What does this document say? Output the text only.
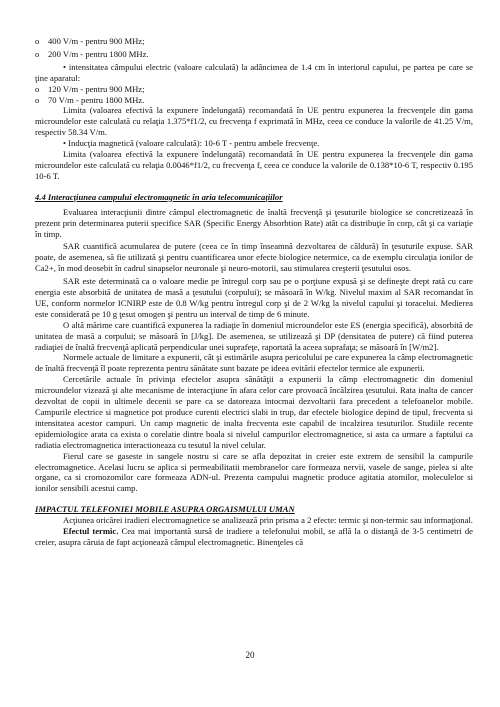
o 400 V/m - pentru 900 MHz;
o 200 V/m - pentru 1800 MHz.

• intensitatea câmpului electric (valoare calculată) la adâncimea de 1.4 cm în interiorul capului, pe partea pe care se ţine aparatul:

o 120 V/m - pentru 900 MHz;
o 70 V/m - pentru 1800 MHz.

Limita (valoarea efectivă la expunere îndelungată) recomandată în UE pentru expunerea la frecvenţele din gama microundelor este calculată cu relaţia 1.375*f1/2, cu frecvenţa f exprimată în MHz, ceea ce conduce la valorile de 41.25 V/m, respectiv 58.34 V/m.

• Inducţia magnetică (valoare calculată): 10-6 T - pentru ambele frecvenţe.

Limita (valoarea efectivă la expunere îndelungată) recomandată în UE pentru expunerea la frecvenţele din gama microundelor este calculată cu relaţia 0.0046*f1/2, cu frecvenţa f, ceea ce conduce la valorile de 0.138*10-6 T, respectiv 0.195 10-6 T.

4.4 Interacţiunea campului electromagnetic în aria telecomunicaţiilor

Evaluarea interacţiunii dintre câmpul electromagnetic de înaltă frecvenţă şi ţesuturile biologice se concretizează în prezent prin determinarea puterii specifice SAR (Specific Energy Absorbtion Rate) atât ca distribuţie în corp, cât şi ca variaţie în timp.

SAR cuantifică acumularea de putere (ceea ce în timp înseamnă dezvoltarea de căldură) în ţesuturile expuse. SAR poate, de asemenea, să fie utilizată şi pentru cuantificarea unor efecte biologice netermice, ca de exemplu circulaţia ionilor de Ca2+, în mod deosebit în cadrul sinapselor neuronale şi neuro-motorii, sau stimularea creşterii ţesutului osos.

SAR este determinată ca o valoare medie pe întregul corp sau pe o porţiune expusă şi se defineşte drept rată cu care energia este absorbită de unitatea de masă a ţesutului (corpului); se măsoară în W/kg. Nivelul maxim al SAR recomandat în UE, conform normelor ICNIRP este de 0.8 W/kg pentru întregul corp şi de 2 W/kg la nivelul capului şi toracelui. Medierea este considerată pe 10 g ţesut omogen şi pentru un interval de timp de 6 minute.

O altă mărime care cuantifică expunerea la radiaţie în domeniul microundelor este ES (energia specifică), absorbită de unitatea de masă a corpului; se măsoară în [J/kg]. De asemenea, se utilizează şi DP (densitatea de putere) că fiind puterea radiaţiei de înaltă frecvenţă aplicată perpendicular unei suprafeţe, raportată la aceea suprafaţa; se măsoară în [W/m2].

Normele actuale de limitare a expunerii, cât şi estimările asupra pericolului pe care expunerea la câmp electromagnetic de înaltă frecvenţă îl poate reprezenta pentru sănătate sunt bazate pe ideea evitării efectelor termice ale expunerii.

Cercetările actuale în privinţa efectelor asupra sănătăţii a expunerii la câmp electromagnetic din domeniul microundelor vizează şi alte mecanisme de interacţiune în afara celor care provoacă încălzirea ţesutului. Rata inalta de cancer dezvoltat de copii in ultimele decenii se pare ca se datoreaza intocmai dezvoltarii fara precedent a telefoanelor mobile. Campurile electrice si magnetice pot produce curenti electrici slabi in trup, dar efectele biologice depind de tipul, frecventa si intensitatea acestor campuri. Un camp magnetic de inalta frecventa este capabil de incalzirea tesuturilor. Studiile recente epidemiologice arata ca exista o corelatie dintre boala si nivelul campurilor electromagnetice, si asta ca urmare a faptului ca radiatia electromagnetica interactioneaza cu tesutul la nivel celular.

Fierul care se gaseste in sangele nostru si care se afla depozitat in creier este extrem de sensibil la campurile electromagnetice. Acelasi lucru se aplica si permeabilitatii membranelor care formeaza nervii, vasele de sange, pielea si alte organe, ca si cromozomilor care formeaza ADN-ul. Prezenta campului magnetic produce agitatia atomilor, moleculelor si ionilor sensibili acestui camp.

IMPACTUL TELEFONIEI MOBILE ASUPRA ORGAISMULUI UMAN

Acţiunea oricărei iradieri electromagnetice se analizează prin prisma a 2 efecte: termic şi non-termic sau informaţional.

Efectul termic. Cea mai importantă sursă de iradiere a telefonului mobil, se află la o distanţă de 3-5 centimetri de creier, asupra căruia de fapt acţionează câmpul electromagnetic. Binenţeles că

20
